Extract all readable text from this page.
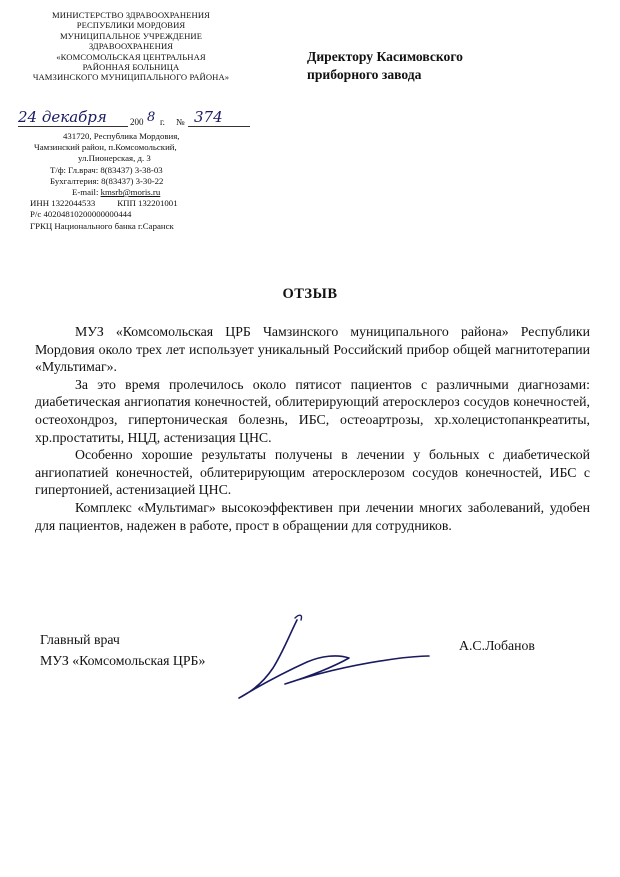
МИНИСТЕРСТВО ЗДРАВООХРАНЕНИЯ
РЕСПУБЛИКИ МОРДОВИЯ
МУНИЦИПАЛЬНОЕ УЧРЕЖДЕНИЕ
ЗДРАВООХРАНЕНИЯ
«КОМСОМОЛЬСКАЯ ЦЕНТРАЛЬНАЯ
РАЙОННАЯ БОЛЬНИЦА
ЧАМЗИНСКОГО МУНИЦИПАЛЬНОГО РАЙОНА»
24 декабря	200 8 г. № 374
431720, Республика Мордовия,
Чамзинский район, п.Комсомольский,
ул.Пионерская, д. 3
Т/ф: Гл.врач: 8(83437) 3-38-03
Бухгалтерия: 8(83437) 3-30-22
E-mail: kmsrb@moris.ru
ИНН 1322044533          КПП 132201001
Р/с 40204810200000000444
ГРКЦ Национального банка г.Саранск
Директору Касимовского
приборного завода
ОТЗЫВ

МУЗ «Комсомольская ЦРБ Чамзинского муниципального района» Республики Мордовия около трех лет использует уникальный Российский прибор общей магнитотерапии «Мультимаг».

За это время пролечилось около пятисот пациентов с различными диагнозами: диабетическая ангиопатия конечностей, облитерирующий атеросклероз сосудов конечностей, остеохондроз, гипертоническая болезнь, ИБС, остеоартрозы, хр.холецистопанкреатиты, хр.простатиты, НЦД, астенизация ЦНС.

Особенно хорошие результаты получены в лечении у больных с диабетической ангиопатией конечностей, облитерирующим атеросклерозом сосудов конечностей, ИБС с гипертонией, астенизацией ЦНС.

Комплекс «Мультимаг» высокоэффективен при лечении многих заболеваний, удобен для пациентов, надежен в работе, прост в обращении для сотрудников.

Главный врач
МУЗ «Комсомольская ЦРБ»
А.С.Лобанов
